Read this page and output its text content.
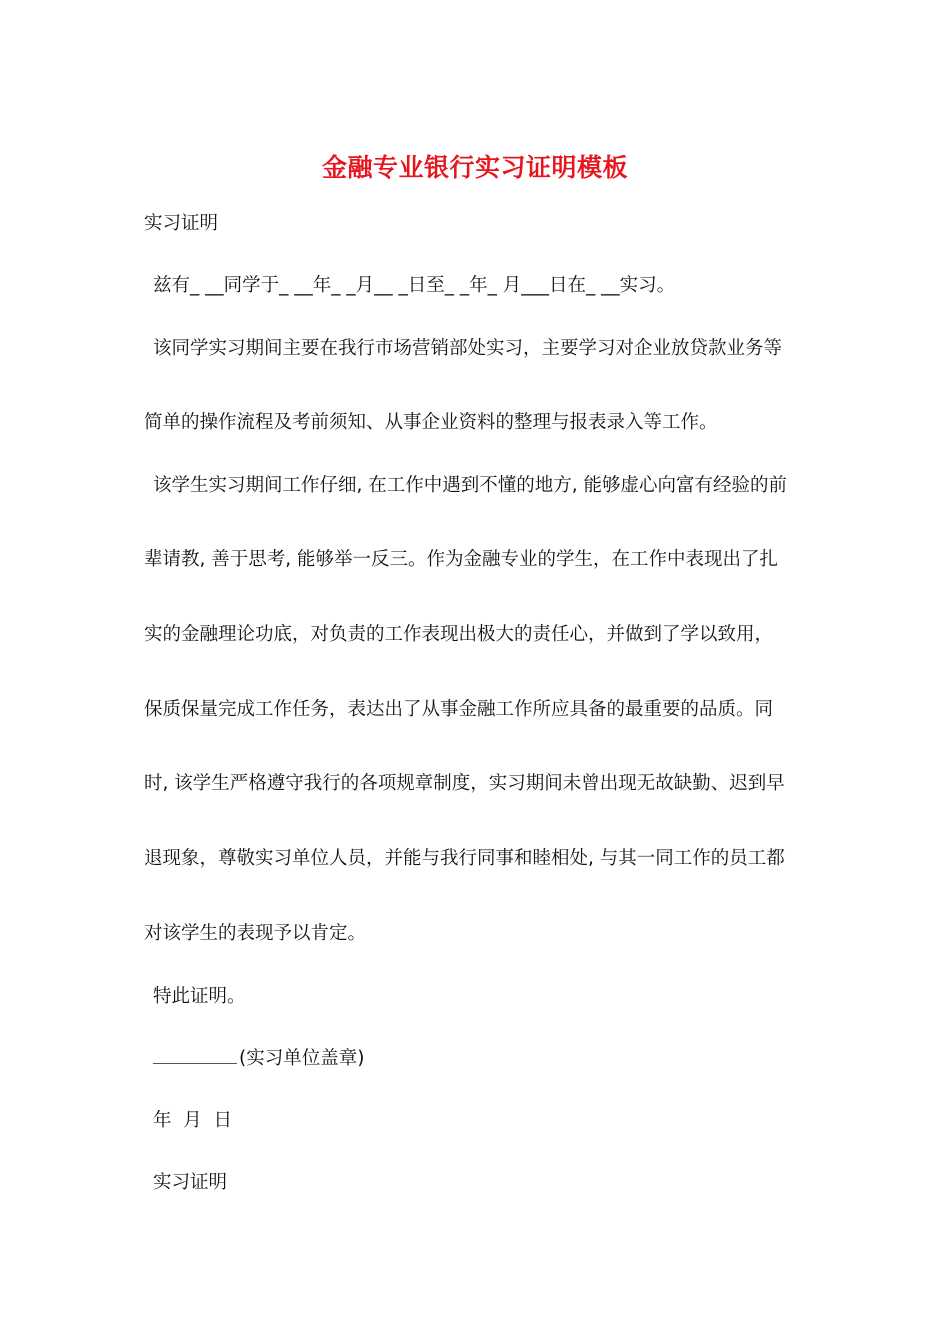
金融专业银行实习证明模板
实习证明
兹有_ __同学于_ __年_ _月__ _日至_ _年_ 月___日在_ __实习。
该同学实习期间主要在我行市场营销部处实习，主要学习对企业放贷款业务等
简单的操作流程及考前须知、从事企业资料的整理与报表录入等工作。
该学生实习期间工作仔细, 在工作中遇到不懂的地方, 能够虚心向富有经验的前
辈请教, 善于思考, 能够举一反三。作为金融专业的学生，在工作中表现出了扎
实的金融理论功底，对负责的工作表现出极大的责任心，并做到了学以致用，
保质保量完成工作任务，表达出了从事金融工作所应具备的最重要的品质。同
时, 该学生严格遵守我行的各项规章制度，实习期间未曾出现无故缺勤、迟到早
退现象，尊敬实习单位人员，并能与我行同事和睦相处, 与其一同工作的员工都
对该学生的表现予以肯定。
特此证明。
(实习单位盖章)
年  月  日
实习证明
